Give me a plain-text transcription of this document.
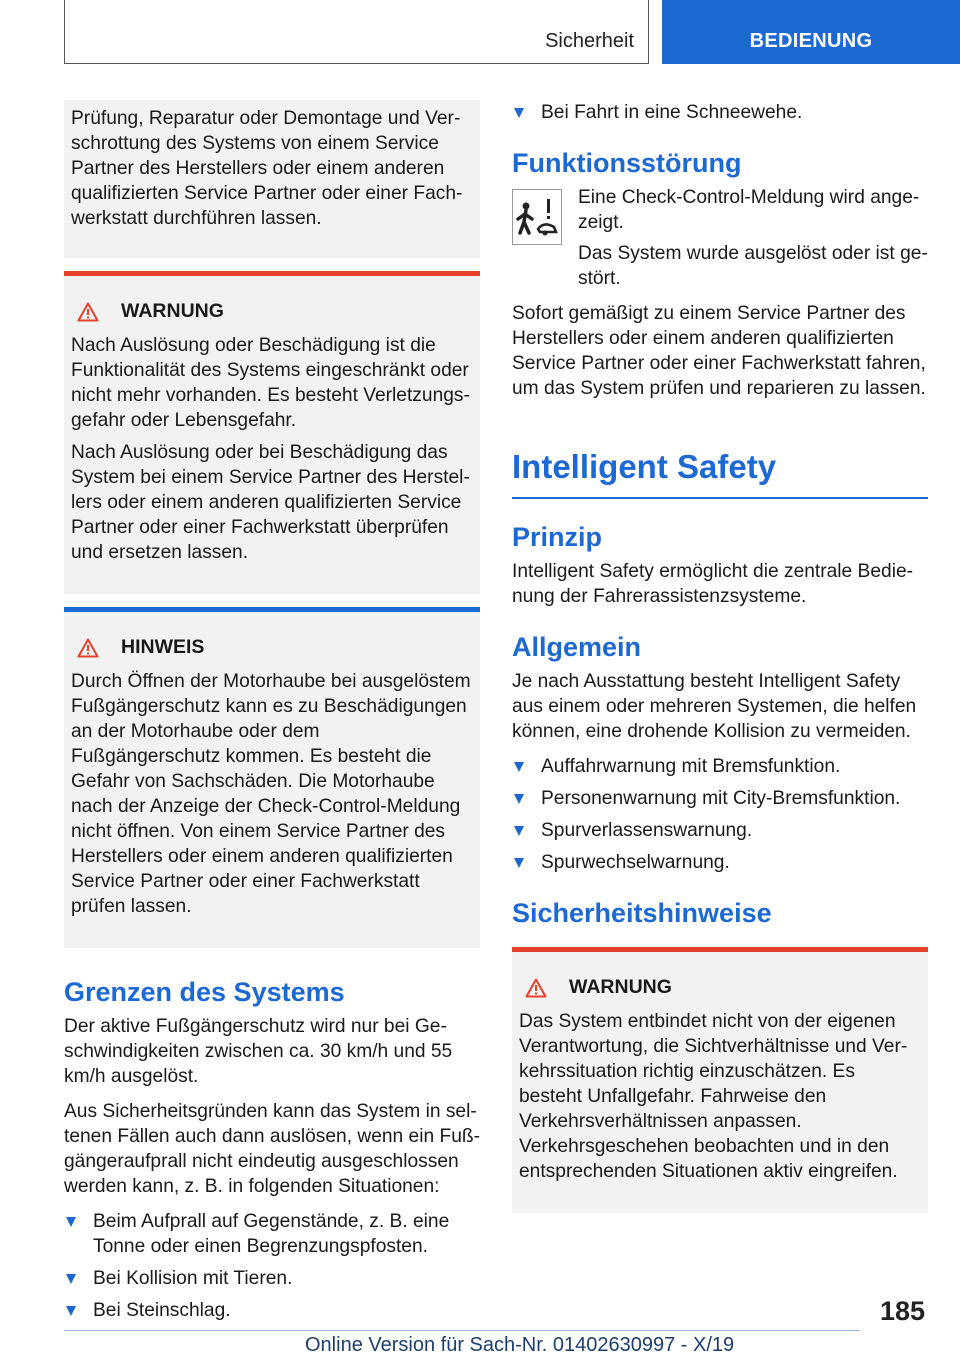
Sicherheit	BEDIENUNG

Prüfung, Reparatur oder Demontage und Verschrottung des Systems von einem Service Partner des Herstellers oder einem anderen qualifizierten Service Partner oder einer Fachwerkstatt durchführen lassen.

WARNUNG

Nach Auslösung oder Beschädigung ist die Funktionalität des Systems eingeschränkt oder nicht mehr vorhanden. Es besteht Verletzungsgefahr oder Lebensgefahr.

Nach Auslösung oder bei Beschädigung das System bei einem Service Partner des Herstellers oder einem anderen qualifizierten Service Partner oder einer Fachwerkstatt überprüfen und ersetzen lassen.

HINWEIS

Durch Öffnen der Motorhaube bei ausgelöstem Fußgängerschutz kann es zu Beschädigungen an der Motorhaube oder dem Fußgängerschutz kommen. Es besteht die Gefahr von Sachschäden. Die Motorhaube nach der Anzeige der Check-Control-Meldung nicht öffnen. Von einem Service Partner des Herstellers oder einem anderen qualifizierten Service Partner oder einer Fachwerkstatt prüfen lassen.

Grenzen des Systems

Der aktive Fußgängerschutz wird nur bei Geschwindigkeiten zwischen ca. 30 km/h und 55 km/h ausgelöst.

Aus Sicherheitsgründen kann das System in seltenen Fällen auch dann auslösen, wenn ein Fußgängeraufprall nicht eindeutig ausgeschlossen werden kann, z. B. in folgenden Situationen:

Beim Aufprall auf Gegenstände, z. B. eine Tonne oder einen Begrenzungspfosten.
Bei Kollision mit Tieren.
Bei Steinschlag.
Bei Fahrt in eine Schneewehe.
Funktionsstörung

Eine Check-Control-Meldung wird angezeigt.

Das System wurde ausgelöst oder ist gestört.

Sofort gemäßigt zu einem Service Partner des Herstellers oder einem anderen qualifizierten Service Partner oder einer Fachwerkstatt fahren, um das System prüfen und reparieren zu lassen.

Intelligent Safety
Prinzip

Intelligent Safety ermöglicht die zentrale Bedienung der Fahrerassistenzsysteme.

Allgemein

Je nach Ausstattung besteht Intelligent Safety aus einem oder mehreren Systemen, die helfen können, eine drohende Kollision zu vermeiden.

Auffahrwarnung mit Bremsfunktion.
Personenwarnung mit City-Bremsfunktion.
Spurverlassenswarnung.
Spurwechselwarnung.
Sicherheitshinweise
WARNUNG

Das System entbindet nicht von der eigenen Verantwortung, die Sichtverhältnisse und Verkehrssituation richtig einzuschätzen. Es besteht Unfallgefahr. Fahrweise den Verkehrsverhältnissen anpassen. Verkehrsgeschehen beobachten und in den entsprechenden Situationen aktiv eingreifen.

185
Online Version für Sach-Nr. 01402630997 - X/19
